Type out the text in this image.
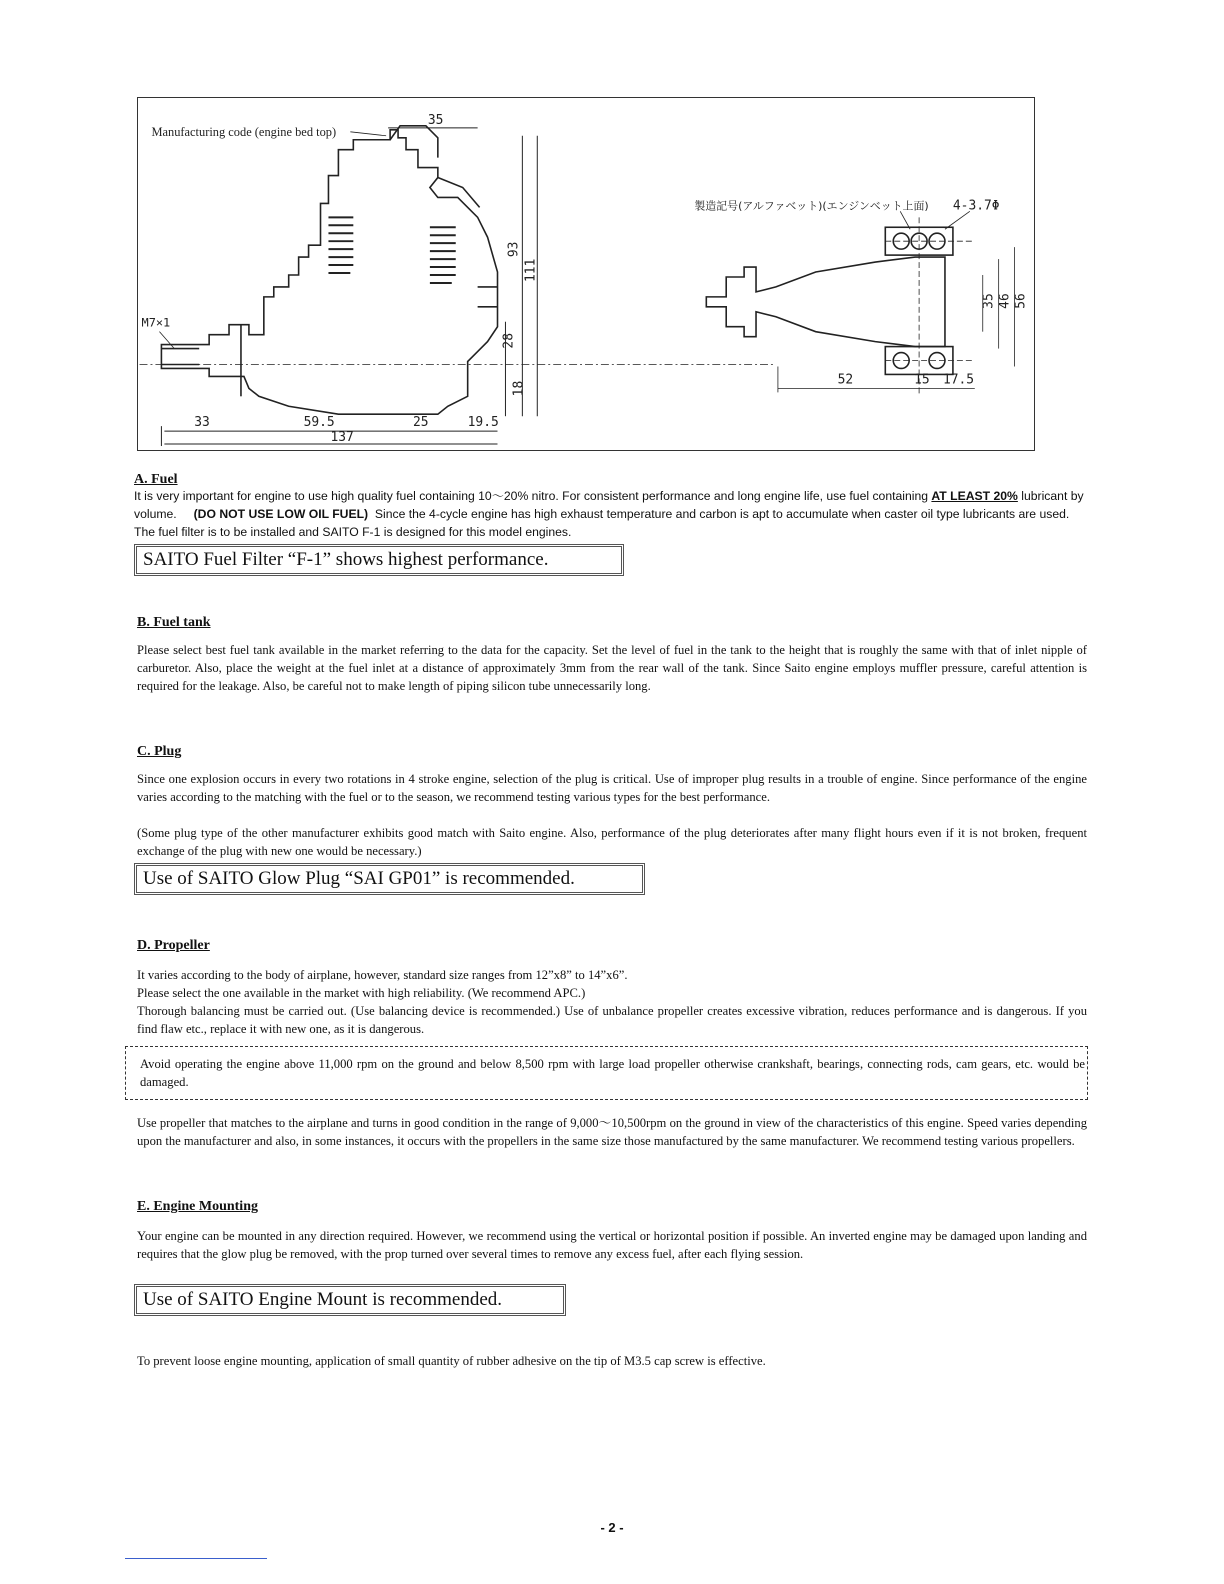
35
93
111
28
18
33	59.5	25	19.5
137
Manufacturing code (engine bed top)
M7×1
35 46 56
52	15 17.5
製造記号(アルファベット)(エンジンベット上面) 4-3.7Φ
A. Fuel
It is very important for engine to use high quality fuel containing 10～20% nitro. For consistent performance and long engine life, use fuel containing AT LEAST 20% lubricant by volume. (DO NOT USE LOW OIL FUEL) Since the 4-cycle engine has high exhaust temperature and carbon is apt to accumulate when caster oil type lubricants are used. The fuel filter is to be installed and SAITO F-1 is designed for this model engines.
SAITO Fuel Filter “F-1” shows highest performance.
B. Fuel tank
Please select best fuel tank available in the market referring to the data for the capacity. Set the level of fuel in the tank to the height that is roughly the same with that of inlet nipple of carburetor. Also, place the weight at the fuel inlet at a distance of approximately 3mm from the rear wall of the tank. Since Saito engine employs muffler pressure, careful attention is required for the leakage. Also, be careful not to make length of piping silicon tube unnecessarily long.
C. Plug
Since one explosion occurs in every two rotations in 4 stroke engine, selection of the plug is critical. Use of improper plug results in a trouble of engine. Since performance of the engine varies according to the matching with the fuel or to the season, we recommend testing various types for the best performance.
(Some plug type of the other manufacturer exhibits good match with Saito engine. Also, performance of the plug deteriorates after many flight hours even if it is not broken, frequent exchange of the plug with new one would be necessary.)
Use of SAITO Glow Plug “SAI GP01” is recommended.
D. Propeller
It varies according to the body of airplane, however, standard size ranges from 12”x8” to 14”x6”.
Please select the one available in the market with high reliability. (We recommend APC.)
Thorough balancing must be carried out. (Use balancing device is recommended.) Use of unbalance propeller creates excessive vibration, reduces performance and is dangerous. If you find flaw etc., replace it with new one, as it is dangerous.
Avoid operating the engine above 11,000 rpm on the ground and below 8,500 rpm with large load propeller otherwise crankshaft, bearings, connecting rods, cam gears, etc. would be damaged.
Use propeller that matches to the airplane and turns in good condition in the range of 9,000～10,500rpm on the ground in view of the characteristics of this engine. Speed varies depending upon the manufacturer and also, in some instances, it occurs with the propellers in the same size those manufactured by the same manufacturer. We recommend testing various propellers.
E. Engine Mounting
Your engine can be mounted in any direction required. However, we recommend using the vertical or horizontal position if possible. An inverted engine may be damaged upon landing and requires that the glow plug be removed, with the prop turned over several times to remove any excess fuel, after each flying session.
Use of SAITO Engine Mount is recommended.
To prevent loose engine mounting, application of small quantity of rubber adhesive on the tip of M3.5 cap screw is effective.
- 2 -
